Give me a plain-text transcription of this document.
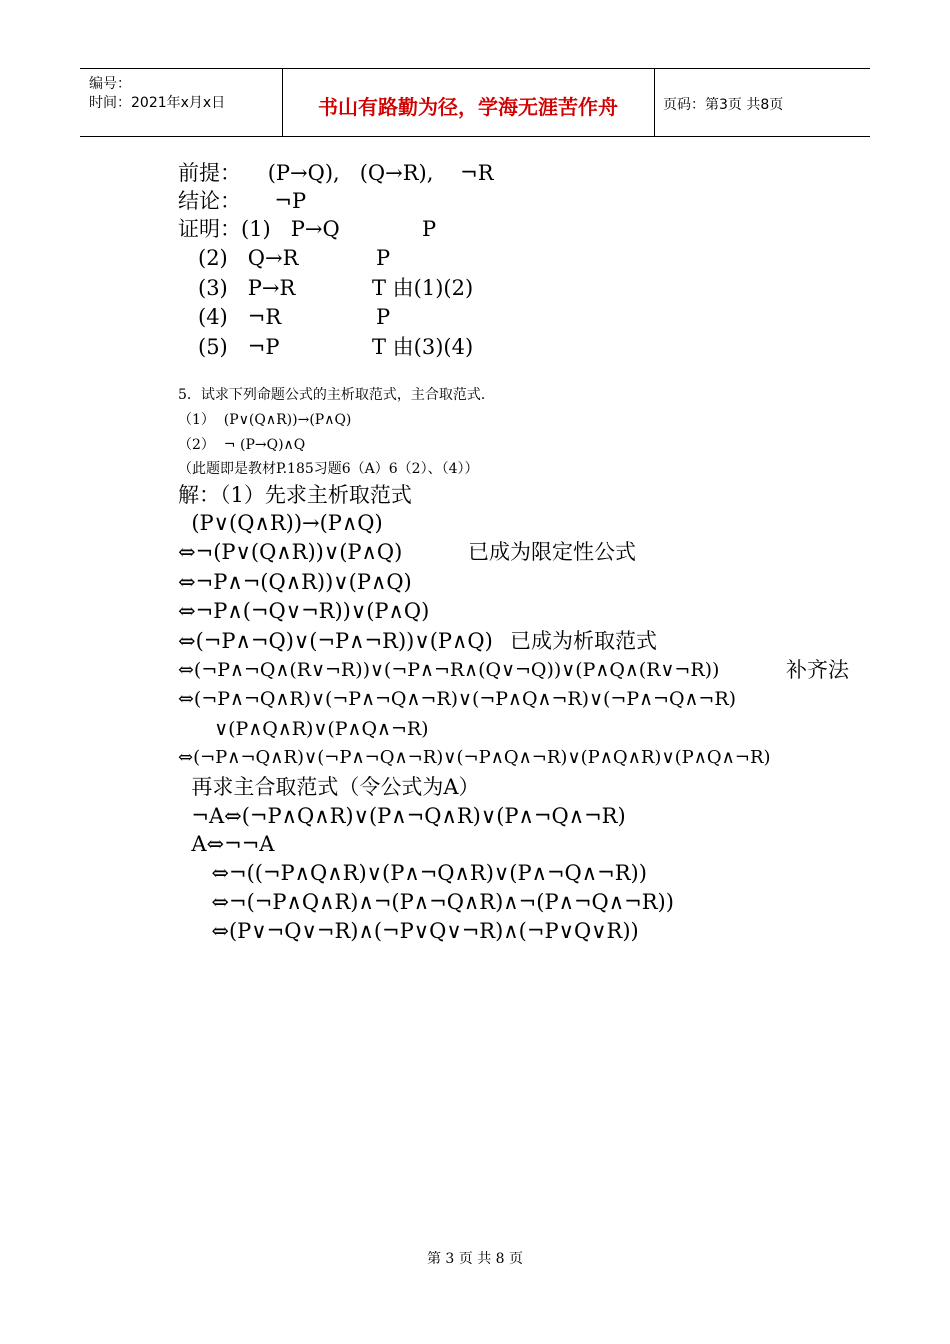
编号：
时间：2021年x月x日	书山有路勤为径，学海无涯苦作舟	页码：第3页 共8页
前提：    (P→Q),   (Q→R),    ¬R
结论：     ¬P
证明：(1)   P→Q	P
(2)   Q→R	P
(3)   P→R	T 由(1)(2)
(4)   ¬R	P
(5)   ¬P	T 由(3)(4)
5．试求下列命题公式的主析取范式，主合取范式．
（1）  (P∨(Q∧R))→(P∧Q)
（2）  ¬ (P→Q)∧Q
（此题即是教材P.185习题6（A）6（2）、（4））
解：（1）先求主析取范式
(P∨(Q∧R))→(P∧Q)
⇔¬(P∨(Q∧R))∨(P∧Q)	已成为限定性公式
⇔¬P∧¬(Q∧R))∨(P∧Q)
⇔¬P∧(¬Q∨¬R))∨(P∧Q)
⇔(¬P∧¬Q)∨(¬P∧¬R))∨(P∧Q) 已成为析取范式
⇔(¬P∧¬Q∧(R∨¬R))∨(¬P∧¬R∧(Q∨¬Q))∨(P∧Q∧(R∨¬R))	补齐法
⇔(¬P∧¬Q∧R)∨(¬P∧¬Q∧¬R)∨(¬P∧Q∧¬R)∨(¬P∧¬Q∧¬R)
∨(P∧Q∧R)∨(P∧Q∧¬R)
⇔(¬P∧¬Q∧R)∨(¬P∧¬Q∧¬R)∨(¬P∧Q∧¬R)∨(P∧Q∧R)∨(P∧Q∧¬R)
再求主合取范式（令公式为A）
¬A⇔(¬P∧Q∧R)∨(P∧¬Q∧R)∨(P∧¬Q∧¬R)
A⇔¬¬A
⇔¬((¬P∧Q∧R)∨(P∧¬Q∧R)∨(P∧¬Q∧¬R))
⇔¬(¬P∧Q∧R)∧¬(P∧¬Q∧R)∧¬(P∧¬Q∧¬R))
⇔(P∨¬Q∨¬R)∧(¬P∨Q∨¬R)∧(¬P∨Q∨R))
第 3 页 共 8 页
